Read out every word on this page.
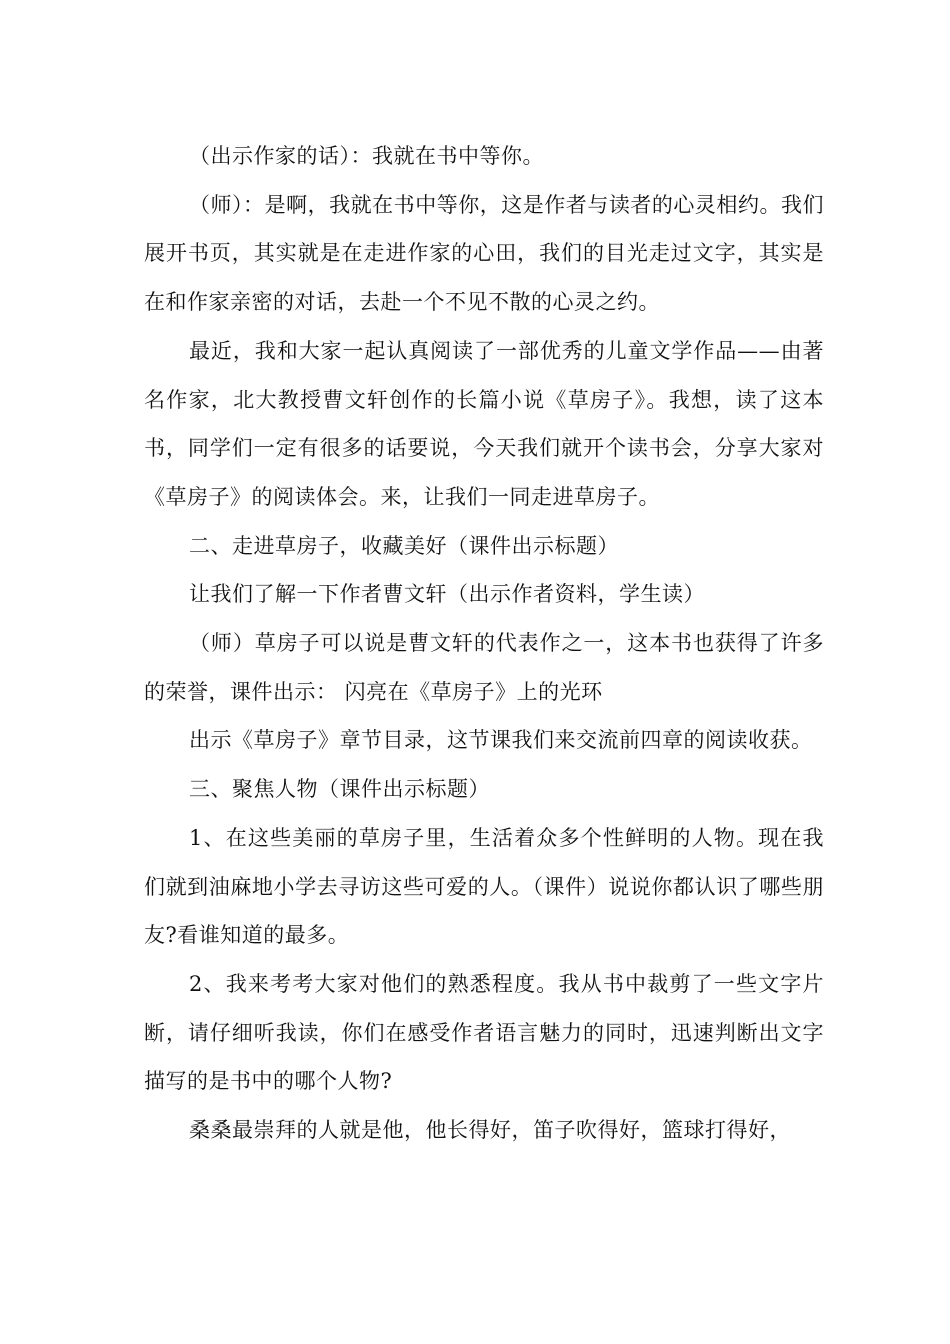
（出示作家的话）：我就在书中等你。

（师）：是啊，我就在书中等你，这是作者与读者的心灵相约。我们展开书页，其实就是在走进作家的心田，我们的目光走过文字，其实是在和作家亲密的对话，去赴一个不见不散的心灵之约。

最近，我和大家一起认真阅读了一部优秀的儿童文学作品——由著名作家，北大教授曹文轩创作的长篇小说《草房子》。我想，读了这本书，同学们一定有很多的话要说，今天我们就开个读书会，分享大家对《草房子》的阅读体会。来，让我们一同走进草房子。

二、走进草房子，收藏美好（课件出示标题）

让我们了解一下作者曹文轩（出示作者资料，学生读）

（师）草房子可以说是曹文轩的代表作之一，这本书也获得了许多的荣誉，课件出示： 闪亮在《草房子》上的光环

出示《草房子》章节目录，这节课我们来交流前四章的阅读收获。

三、聚焦人物（课件出示标题）

1、在这些美丽的草房子里，生活着众多个性鲜明的人物。现在我们就到油麻地小学去寻访这些可爱的人。（课件）说说你都认识了哪些朋友?看谁知道的最多。

2、我来考考大家对他们的熟悉程度。我从书中裁剪了一些文字片断，请仔细听我读，你们在感受作者语言魅力的同时，迅速判断出文字描写的是书中的哪个人物?

桑桑最崇拜的人就是他，他长得好，笛子吹得好，篮球打得好，
